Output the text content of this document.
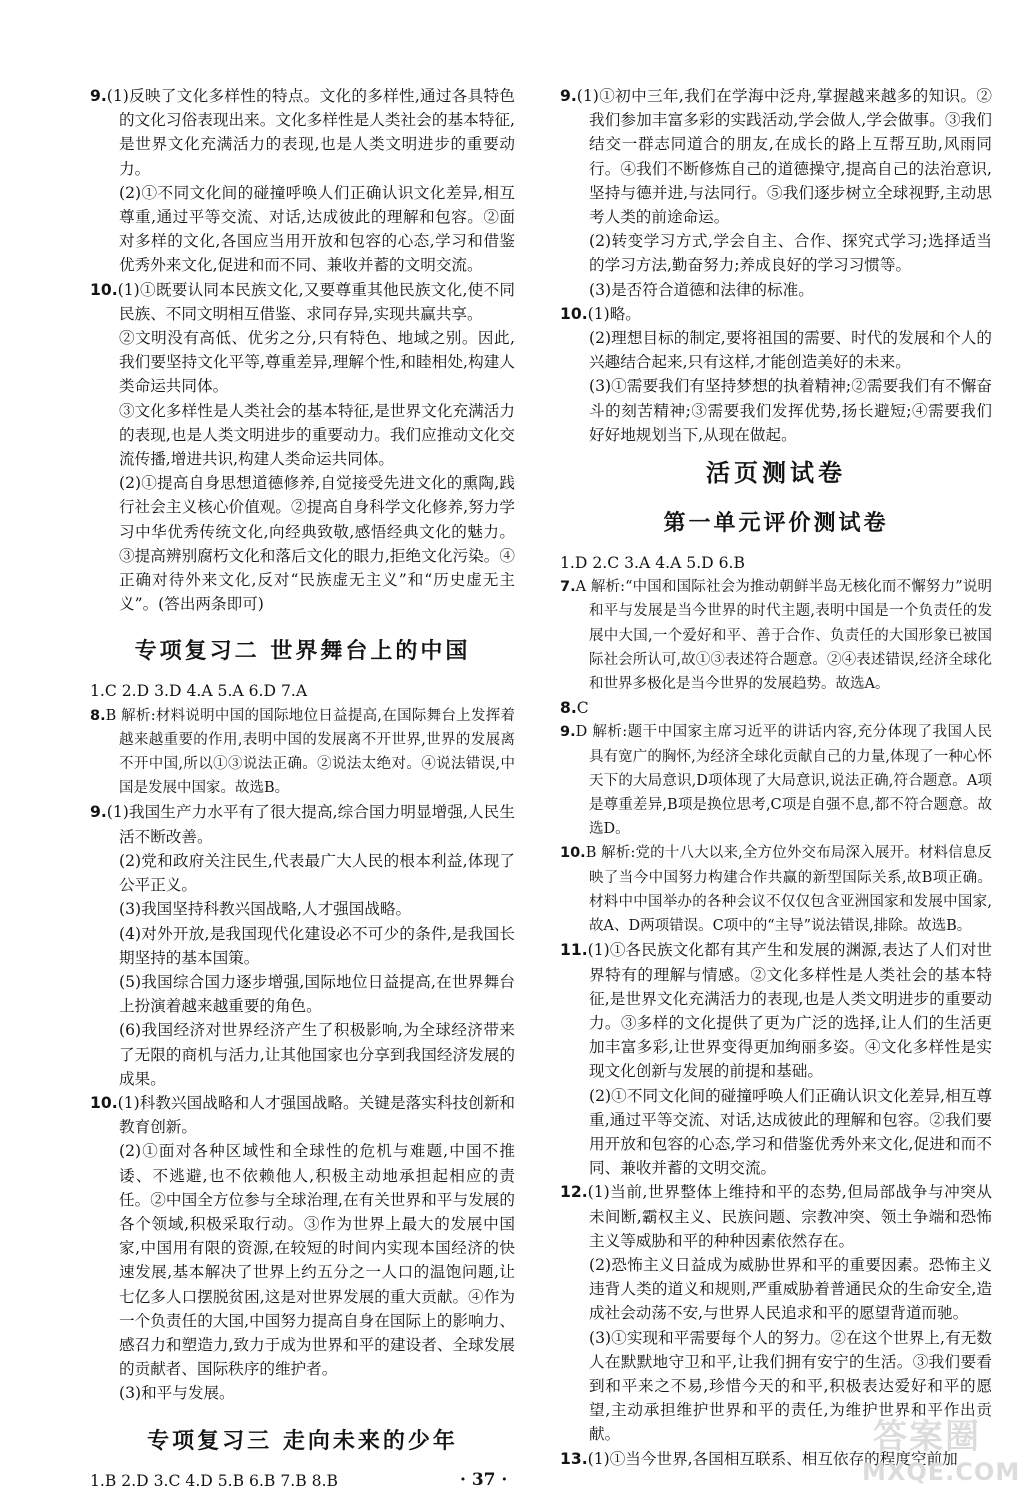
9.(1)反映了文化多样性的特点。文化的多样性,通过各具特色的文化习俗表现出来。文化多样性是人类社会的基本特征,是世界文化充满活力的表现,也是人类文明进步的重要动力。

(2)①不同文化间的碰撞呼唤人们正确认识文化差异,相互尊重,通过平等交流、对话,达成彼此的理解和包容。②面对多样的文化,各国应当用开放和包容的心态,学习和借鉴优秀外来文化,促进和而不同、兼收并蓄的文明交流。

10.(1)①既要认同本民族文化,又要尊重其他民族文化,使不同民族、不同文明相互借鉴、求同存异,实现共赢共享。

②文明没有高低、优劣之分,只有特色、地域之别。因此,我们要坚持文化平等,尊重差异,理解个性,和睦相处,构建人类命运共同体。

③文化多样性是人类社会的基本特征,是世界文化充满活力的表现,也是人类文明进步的重要动力。我们应推动文化交流传播,增进共识,构建人类命运共同体。

(2)①提高自身思想道德修养,自觉接受先进文化的熏陶,践行社会主义核心价值观。②提高自身科学文化修养,努力学习中华优秀传统文化,向经典致敬,感悟经典文化的魅力。③提高辨别腐朽文化和落后文化的眼力,拒绝文化污染。④正确对待外来文化,反对“民族虚无主义”和“历史虚无主义”。(答出两条即可)

专项复习二 世界舞台上的中国

1.C 2.D 3.D 4.A 5.A 6.D 7.A

8.B 解析:材料说明中国的国际地位日益提高,在国际舞台上发挥着越来越重要的作用,表明中国的发展离不开世界,世界的发展离不开中国,所以①③说法正确。②说法太绝对。④说法错误,中国是发展中国家。故选B。

9.(1)我国生产力水平有了很大提高,综合国力明显增强,人民生活不断改善。

(2)党和政府关注民生,代表最广大人民的根本利益,体现了公平正义。

(3)我国坚持科教兴国战略,人才强国战略。

(4)对外开放,是我国现代化建设必不可少的条件,是我国长期坚持的基本国策。

(5)我国综合国力逐步增强,国际地位日益提高,在世界舞台上扮演着越来越重要的角色。

(6)我国经济对世界经济产生了积极影响,为全球经济带来了无限的商机与活力,让其他国家也分享到我国经济发展的成果。

10.(1)科教兴国战略和人才强国战略。关键是落实科技创新和教育创新。

(2)①面对各种区域性和全球性的危机与难题,中国不推诿、不逃避,也不依赖他人,积极主动地承担起相应的责任。②中国全方位参与全球治理,在有关世界和平与发展的各个领域,积极采取行动。③作为世界上最大的发展中国家,中国用有限的资源,在较短的时间内实现本国经济的快速发展,基本解决了世界上约五分之一人口的温饱问题,让七亿多人口摆脱贫困,这是对世界发展的重大贡献。④作为一个负责任的大国,中国努力提高自身在国际上的影响力、感召力和塑造力,致力于成为世界和平的建设者、全球发展的贡献者、国际秩序的维护者。

(3)和平与发展。

专项复习三 走向未来的少年

1.B 2.D 3.C 4.D 5.B 6.B 7.B 8.B

9.(1)①初中三年,我们在学海中泛舟,掌握越来越多的知识。②我们参加丰富多彩的实践活动,学会做人,学会做事。③我们结交一群志同道合的朋友,在成长的路上互帮互助,风雨同行。④我们不断修炼自己的道德操守,提高自己的法治意识,坚持与德并进,与法同行。⑤我们逐步树立全球视野,主动思考人类的前途命运。

(2)转变学习方式,学会自主、合作、探究式学习;选择适当的学习方法,勤奋努力;养成良好的学习习惯等。

(3)是否符合道德和法律的标准。

10.(1)略。

(2)理想目标的制定,要将祖国的需要、时代的发展和个人的兴趣结合起来,只有这样,才能创造美好的未来。

(3)①需要我们有坚持梦想的执着精神;②需要我们有不懈奋斗的刻苦精神;③需要我们发挥优势,扬长避短;④需要我们好好地规划当下,从现在做起。

活页测试卷
第一单元评价测试卷

1.D 2.C 3.A 4.A 5.D 6.B

7.A 解析:“中国和国际社会为推动朝鲜半岛无核化而不懈努力”说明和平与发展是当今世界的时代主题,表明中国是一个负责任的发展中大国,一个爱好和平、善于合作、负责任的大国形象已被国际社会所认可,故①③表述符合题意。②④表述错误,经济全球化和世界多极化是当今世界的发展趋势。故选A。

8.C

9.D 解析:题干中国家主席习近平的讲话内容,充分体现了我国人民具有宽广的胸怀,为经济全球化贡献自己的力量,体现了一种心怀天下的大局意识,D项体现了大局意识,说法正确,符合题意。A项是尊重差异,B项是换位思考,C项是自强不息,都不符合题意。故选D。

10.B 解析:党的十八大以来,全方位外交布局深入展开。材料信息反映了当今中国努力构建合作共赢的新型国际关系,故B项正确。材料中中国举办的各种会议不仅仅包含亚洲国家和发展中国家,故A、D两项错误。C项中的“主导”说法错误,排除。故选B。

11.(1)①各民族文化都有其产生和发展的渊源,表达了人们对世界特有的理解与情感。②文化多样性是人类社会的基本特征,是世界文化充满活力的表现,也是人类文明进步的重要动力。③多样的文化提供了更为广泛的选择,让人们的生活更加丰富多彩,让世界变得更加绚丽多姿。④文化多样性是实现文化创新与发展的前提和基础。

(2)①不同文化间的碰撞呼唤人们正确认识文化差异,相互尊重,通过平等交流、对话,达成彼此的理解和包容。②我们要用开放和包容的心态,学习和借鉴优秀外来文化,促进和而不同、兼收并蓄的文明交流。

12.(1)当前,世界整体上维持和平的态势,但局部战争与冲突从未间断,霸权主义、民族问题、宗教冲突、领土争端和恐怖主义等威胁和平的种种因素依然存在。

(2)恐怖主义日益成为威胁世界和平的重要因素。恐怖主义违背人类的道义和规则,严重威胁着普通民众的生命安全,造成社会动荡不安,与世界人民追求和平的愿望背道而驰。

(3)①实现和平需要每个人的努力。②在这个世界上,有无数人在默默地守卫和平,让我们拥有安宁的生活。③我们要看到和平来之不易,珍惜今天的和平,积极表达爱好和平的愿望,主动承担维护世界和平的责任,为维护世界和平作出贡献。

13.(1)①当今世界,各国相互联系、相互依存的程度空前加

· 37 ·
答案圈
MXQE.COM
